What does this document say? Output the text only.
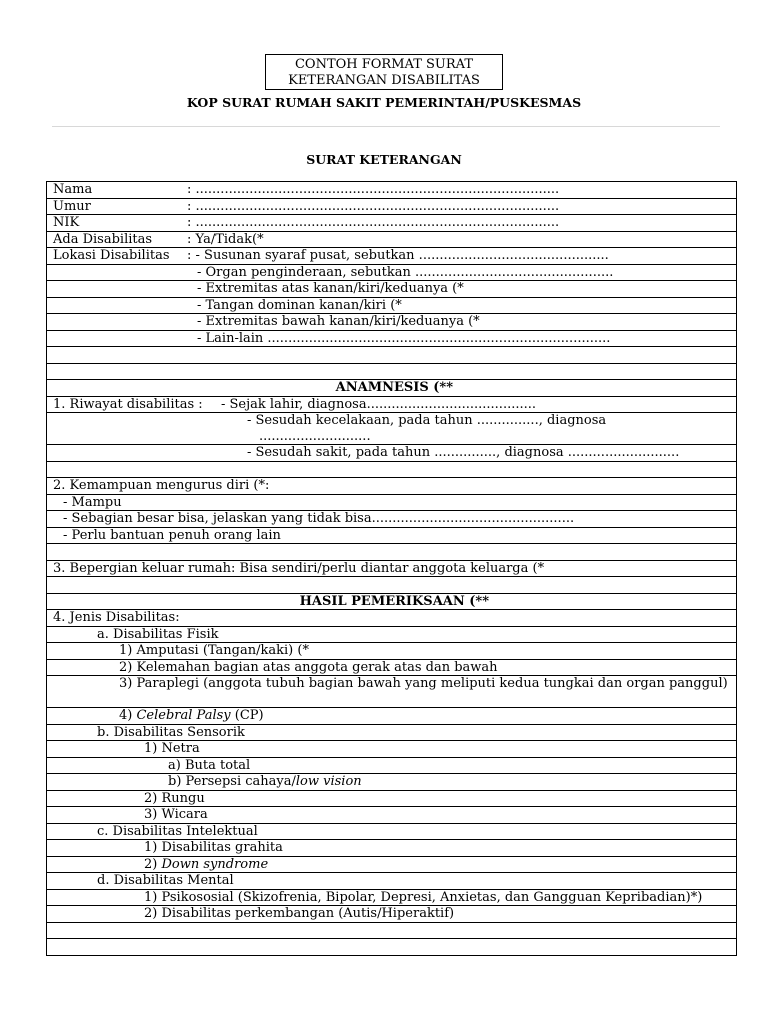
CONTOH FORMAT SURAT
KETERANGAN DISABILITAS
KOP SURAT RUMAH SAKIT PEMERINTAH/PUSKESMAS
SURAT KETERANGAN
Nama	: ........................................................................................
Umur	: ........................................................................................
NIK	: ........................................................................................
Ada Disabilitas	: Ya/Tidak(*
Lokasi Disabilitas : - Susunan syaraf pusat, sebutkan ..............................................
- Organ penginderaan, sebutkan ................................................
- Extremitas atas kanan/kiri/keduanya (*
- Tangan dominan kanan/kiri (*
- Extremitas bawah kanan/kiri/keduanya (*
- Lain-lain ...................................................................................

ANAMNESIS (**
1. Riwayat disabilitas : - Sejak lahir, diagnosa.........................................

- Sesudah kecelakaan, pada tahun ..............., diagnosa
...........................

- Sesudah sakit, pada tahun ..............., diagnosa ...........................

2. Kemampuan mengurus diri (*:
- Mampu
- Sebagian besar bisa, jelaskan yang tidak bisa.................................................
- Perlu bantuan penuh orang lain

3. Bepergian keluar rumah: Bisa sendiri/perlu diantar anggota keluarga (*

HASIL PEMERIKSAAN (**
4. Jenis Disabilitas:
a. Disabilitas Fisik
1) Amputasi (Tangan/kaki) (*
2) Kelemahan bagian atas anggota gerak atas dan bawah
3) Paraplegi (anggota tubuh bagian bawah yang meliputi kedua tungkai dan organ panggul)
4) Celebral Palsy (CP)
b. Disabilitas Sensorik
1) Netra
a) Buta total
b) Persepsi cahaya/low vision
2) Rungu
3) Wicara
c. Disabilitas Intelektual
1) Disabilitas grahita
2) Down syndrome
d. Disabilitas Mental
1) Psikososial (Skizofrenia, Bipolar, Depresi, Anxietas, dan Gangguan Kepribadian)*)
2) Disabilitas perkembangan (Autis/Hiperaktif)
